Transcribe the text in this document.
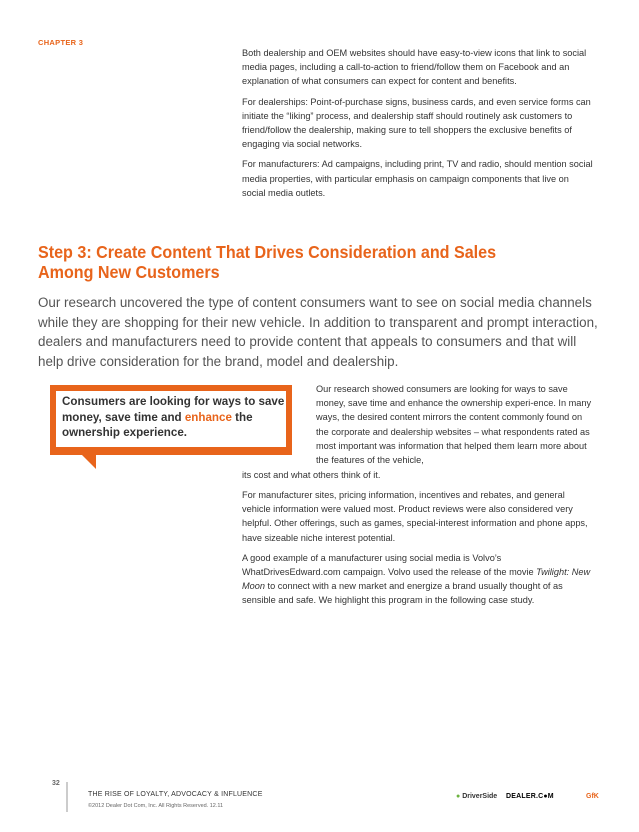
CHAPTER 3

Both dealership and OEM websites should have easy-to-view icons that link to social media pages, including a call-to-action to friend/follow them on Facebook and an explanation of what consumers can expect for content and benefits.

For dealerships: Point-of-purchase signs, business cards, and even service forms can initiate the “liking” process, and dealership staff should routinely ask customers to friend/follow the dealership, making sure to tell shoppers the exclusive benefits of engaging via social networks.

For manufacturers: Ad campaigns, including print, TV and radio, should mention social media properties, with particular emphasis on campaign components that live on social media outlets.

Step 3: Create Content That Drives Consideration and Sales
Among New Customers
Our research uncovered the type of content consumers want to see on social media channels while they are shopping for their new vehicle. In addition to transparent and prompt interaction, dealers and manufacturers need to provide content that appeals to consumers and that will help drive consideration for the brand, model and dealership.
Consumers are looking for ways to save money, save time and enhance the ownership experience.
Our research showed consumers are looking for ways to save money, save time and enhance the ownership experi-ence. In many ways, the desired content mirrors the content commonly found on the corporate and dealership websites – what respondents rated as most important was information that helped them learn more about the features of the vehicle,
its cost and what others think of it.

For manufacturer sites, pricing information, incentives and rebates, and general vehicle information were valued most. Product reviews were also considered very helpful. Other offerings, such as games, special-interest information and phone apps, have sizeable niche interest potential.

A good example of a manufacturer using social media is Volvo’s WhatDrivesEdward.com campaign. Volvo used the release of the movie Twilight: New Moon to connect with a new market and energize a brand usually thought of as sensible and safe. We highlight this program in the following case study.

32
THE RISE OF LOYALTY, ADVOCACY & INFLUENCE
©2012 Dealer Dot Com, Inc. All Rights Reserved. 12.11
● DriverSide DEALER.C●M	GfK
